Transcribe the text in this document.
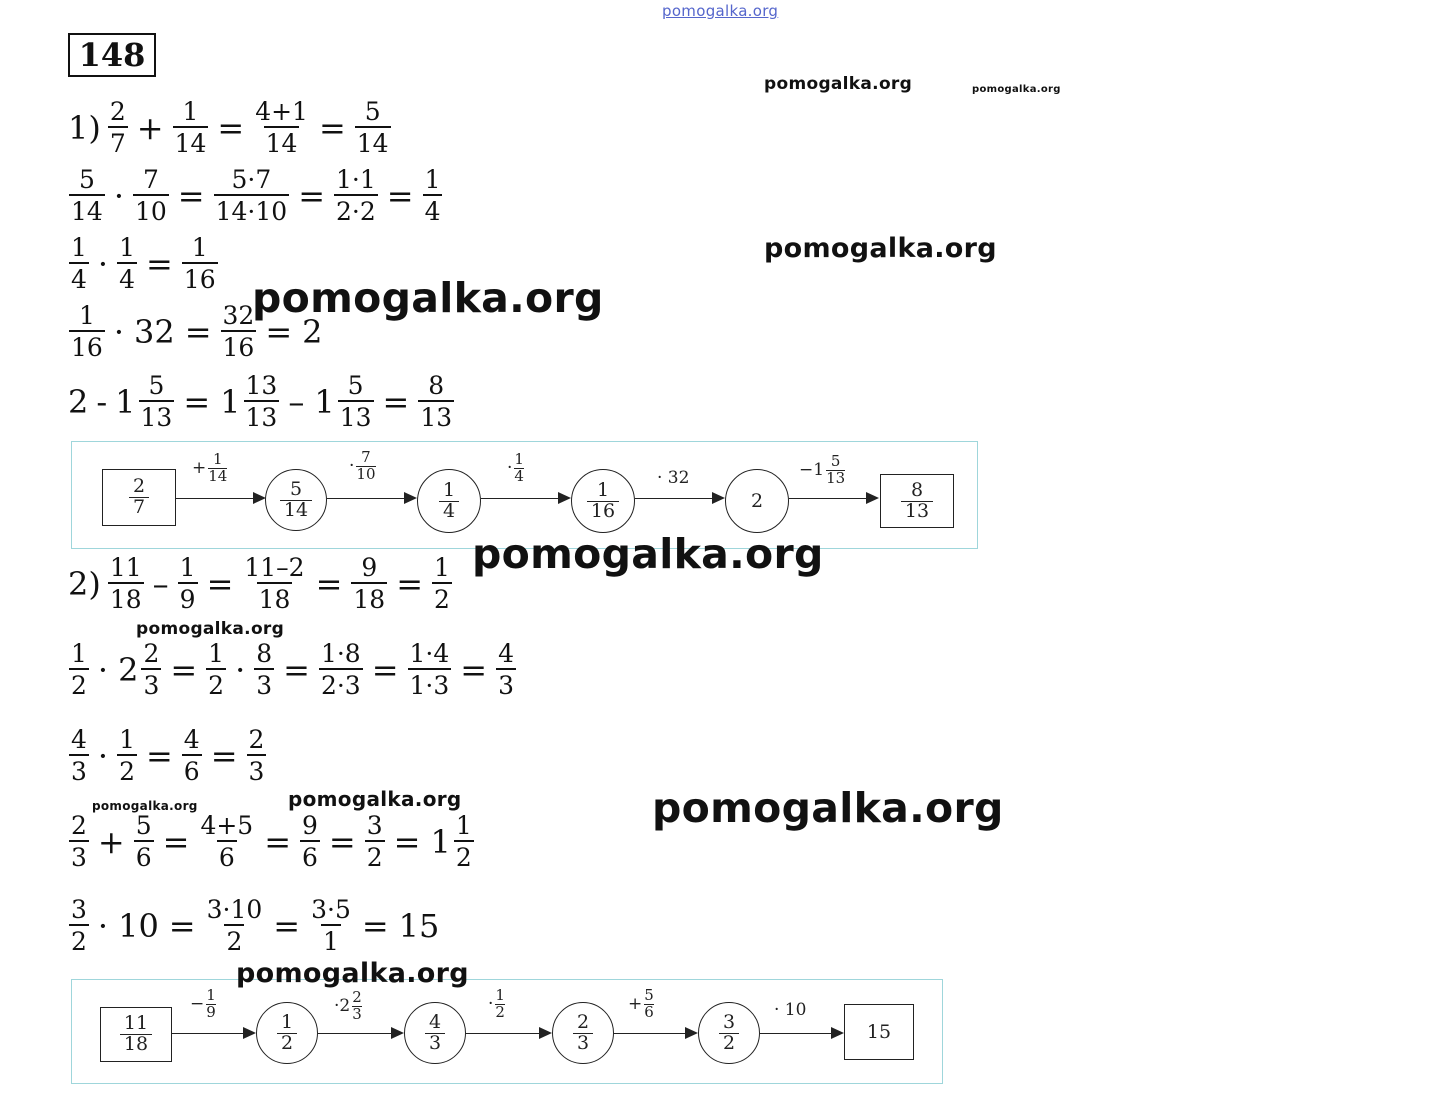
pomogalka.org
pomogalka.org	pomogalka.org
pomogalka.org
pomogalka.org
pomogalka.org
pomogalka.org
pomogalka.org	pomogalka.org	pomogalka.org
pomogalka.org
148
$1) \frac{2}{7} + \frac{1}{14} = \frac{4+1}{14} = \frac{5}{14}$
$\frac{5}{14} \cdot \frac{7}{10} = \frac{5\cdot 7}{14\cdot 10} = \frac{1\cdot 1}{2\cdot 2} = \frac{1}{4}$
$\frac{1}{4} \cdot \frac{1}{4} = \frac{1}{16}$
$\frac{1}{16} \cdot 32 = \frac{32}{16} = 2$
$2 - 1 \frac{5}{13} = 1 \frac{13}{13} - 1 \frac{5}{13} = \frac{8}{13}$
$\frac{2}{7}$
+ $\frac{1}{14}$
$\frac{5}{14}$
· $\frac{7}{10}$
$\frac{1}{4}$
· $\frac{1}{4}$
$\frac{1}{16} \cdot 32$
2
$-1 \frac{5}{13}$
$\frac{8}{13}$
$2) \frac{11}{18} - \frac{1}{9} = \frac{11-2}{18} = \frac{9}{18} = \frac{1}{2}$
$\frac{1}{2} \cdot 2 \frac{2}{3} = \frac{1}{2} \cdot \frac{8}{3} = \frac{1\cdot 8}{2\cdot 3} = \frac{1\cdot 4}{1\cdot 3} = \frac{4}{3}$
$\frac{4}{3} \cdot \frac{1}{2} = \frac{4}{6} = \frac{2}{3}$
$\frac{2}{3} + \frac{5}{6} = \frac{4+5}{6} = \frac{9}{6} = \frac{3}{2} = 1 \frac{1}{2}$
$\frac{3}{2} \cdot 10 = \frac{3\cdot 10}{2} = \frac{3\cdot 5}{1} = 15$
$\frac{11}{18}$
− $\frac{1}{9} \frac{1}{2} \cdot 2 \frac{2}{3} \frac{4}{3} \cdot \frac{1}{2} \frac{2}{3} + \frac{5}{6} \frac{3}{2} \cdot 10$
15
